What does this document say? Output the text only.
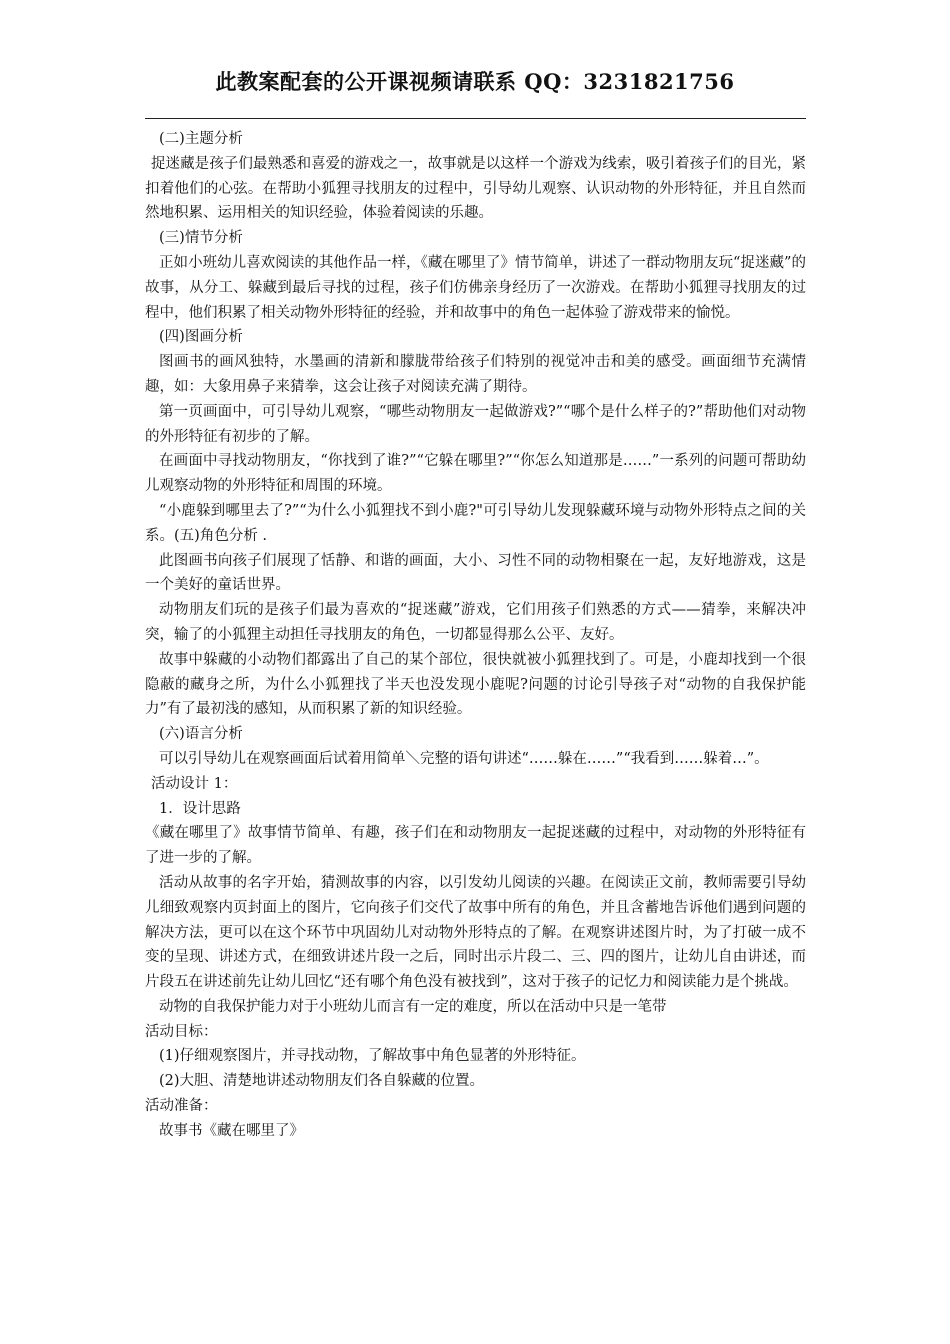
此教案配套的公开课视频请联系 QQ：3231821756

(二)主题分析

捉迷藏是孩子们最熟悉和喜爱的游戏之一，故事就是以这样一个游戏为线索，吸引着孩子们的目光，紧扣着他们的心弦。在帮助小狐狸寻找朋友的过程中，引导幼儿观察、认识动物的外形特征，并且自然而然地积累、运用相关的知识经验，体验着阅读的乐趣。

(三)情节分析

正如小班幼儿喜欢阅读的其他作品一样，《藏在哪里了》情节简单，讲述了一群动物朋友玩“捉迷藏”的故事，从分工、躲藏到最后寻找的过程，孩子们仿佛亲身经历了一次游戏。在帮助小狐狸寻找朋友的过程中，他们积累了相关动物外形特征的经验，并和故事中的角色一起体验了游戏带来的愉悦。

(四)图画分析

图画书的画风独特，水墨画的清新和朦胧带给孩子们特别的视觉冲击和美的感受。画面细节充满情趣，如：大象用鼻子来猜拳，这会让孩子对阅读充满了期待。

第一页画面中，可引导幼儿观察，“哪些动物朋友一起做游戏?”“哪个是什么样子的?”帮助他们对动物的外形特征有初步的了解。

在画面中寻找动物朋友，“你找到了谁?”“它躲在哪里?”“你怎么知道那是……”一系列的问题可帮助幼儿观察动物的外形特征和周围的环境。

“小鹿躲到哪里去了?”“为什么小狐狸找不到小鹿?"可引导幼儿发现躲藏环境与动物外形特点之间的关系。(五)角色分析 .

此图画书向孩子们展现了恬静、和谐的画面，大小、习性不同的动物相聚在一起，友好地游戏，这是一个美好的童话世界。

动物朋友们玩的是孩子们最为喜欢的“捉迷藏”游戏，它们用孩子们熟悉的方式——猜拳，来解决冲突，输了的小狐狸主动担任寻找朋友的角色，一切都显得那么公平、友好。

故事中躲藏的小动物们都露出了自己的某个部位，很快就被小狐狸找到了。可是，小鹿却找到一个很隐蔽的藏身之所，为什么小狐狸找了半天也没发现小鹿呢?问题的讨论引导孩子对“动物的自我保护能力”有了最初浅的感知，从而积累了新的知识经验。

(六)语言分析

可以引导幼儿在观察画面后试着用简单＼完整的语句讲述“……躲在……”“我看到……躲着…”。

活动设计 1：

1．设计思路

《藏在哪里了》故事情节简单、有趣，孩子们在和动物朋友一起捉迷藏的过程中，对动物的外形特征有了进一步的了解。

活动从故事的名字开始，猜测故事的内容，以引发幼儿阅读的兴趣。在阅读正文前，教师需要引导幼儿细致观察内页封面上的图片，它向孩子们交代了故事中所有的角色，并且含蓄地告诉他们遇到问题的解决方法，更可以在这个环节中巩固幼儿对动物外形特点的了解。在观察讲述图片时，为了打破一成不变的呈现、讲述方式，在细致讲述片段一之后，同时出示片段二、三、四的图片，让幼儿自由讲述，而片段五在讲述前先让幼儿回忆“还有哪个角色没有被找到”，这对于孩子的记忆力和阅读能力是个挑战。

动物的自我保护能力对于小班幼儿而言有一定的难度，所以在活动中只是一笔带

活动目标：

(1)仔细观察图片，并寻找动物，了解故事中角色显著的外形特征。

(2)大胆、清楚地讲述动物朋友们各自躲藏的位置。

活动准备：

故事书《藏在哪里了》
